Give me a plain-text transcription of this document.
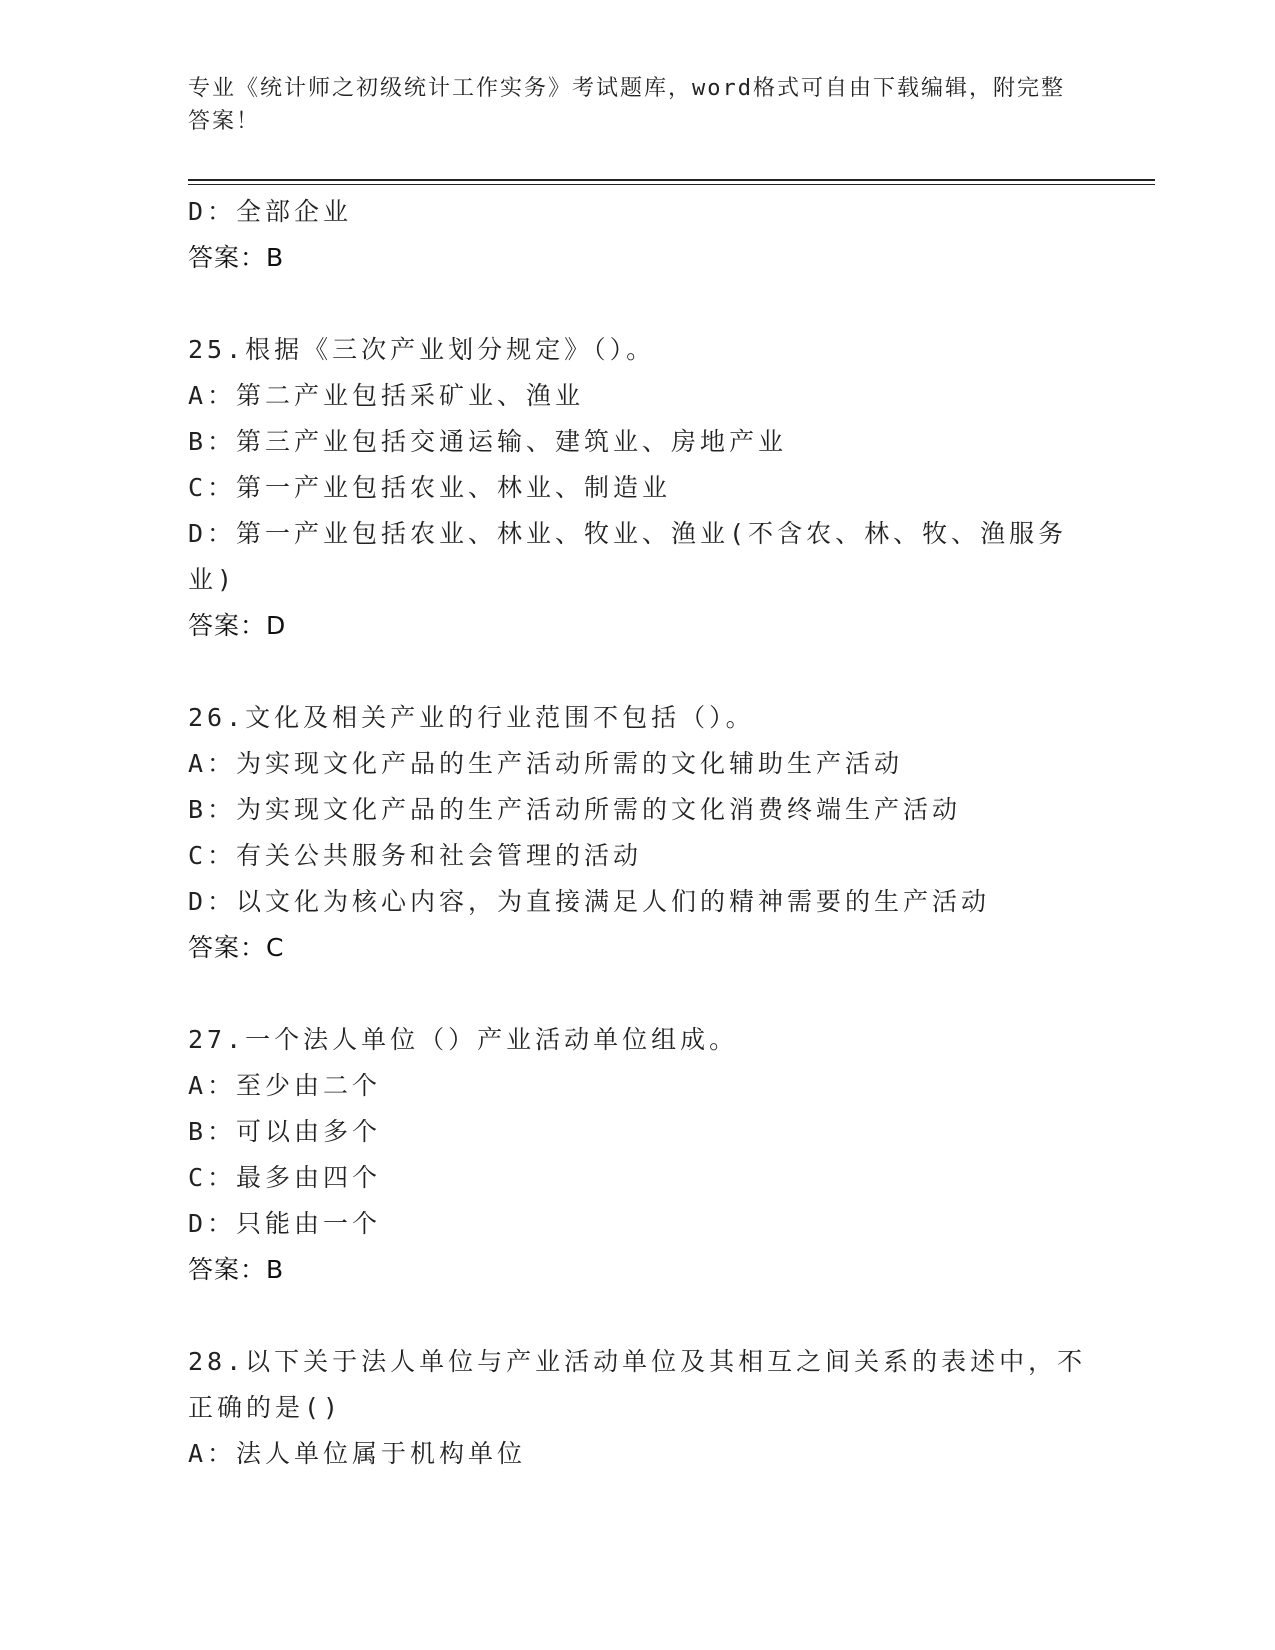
专业《统计师之初级统计工作实务》考试题库，word格式可自由下载编辑，附完整答案！
D：全部企业
答案：B
25.根据《三次产业划分规定》（）。
A：第二产业包括采矿业、渔业
B：第三产业包括交通运输、建筑业、房地产业
C：第一产业包括农业、林业、制造业
D：第一产业包括农业、林业、牧业、渔业(不含农、林、牧、渔服务业)
答案：D
26.文化及相关产业的行业范围不包括（）。
A：为实现文化产品的生产活动所需的文化辅助生产活动
B：为实现文化产品的生产活动所需的文化消费终端生产活动
C：有关公共服务和社会管理的活动
D：以文化为核心内容，为直接满足人们的精神需要的生产活动
答案：C
27.一个法人单位（）产业活动单位组成。
A：至少由二个
B：可以由多个
C：最多由四个
D：只能由一个
答案：B
28.以下关于法人单位与产业活动单位及其相互之间关系的表述中，不正确的是()
A：法人单位属于机构单位
